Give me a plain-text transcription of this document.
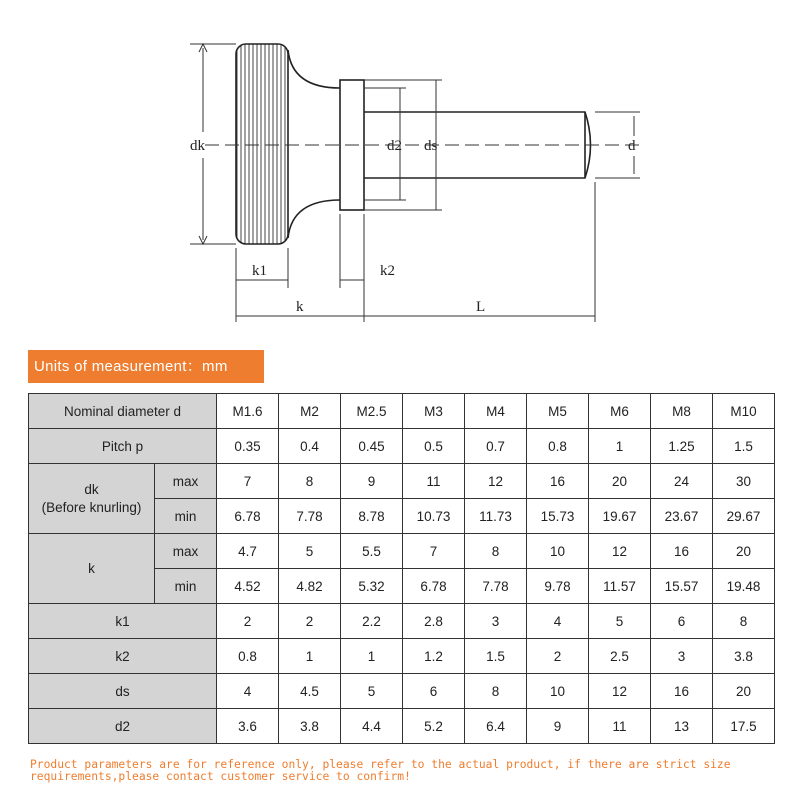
dk	d2 ds	d
k1	k2
k	L
Units of measurement：mm
Nominal diameter d		M1.6	M2	M2.5	M3	M4	M5	M6	M8	M10
Pitch p		0.35	0.4	0.45	0.5	0.7	0.8	1	1.25	1.5
dk
(Before knurling)	max	7	8	9	11	12	16	20	24	30
	min	6.78	7.78	8.78	10.73	11.73	15.73	19.67	23.67	29.67
k	max	4.7	5	5.5	7	8	10	12	16	20
	min	4.52	4.82	5.32	6.78	7.78	9.78	11.57	15.57	19.48
k1		2	2	2.2	2.8	3	4	5	6	8
k2		0.8	1	1	1.2	1.5	2	2.5	3	3.8
ds		4	4.5	5	6	8	10	12	16	20
d2		3.6	3.8	4.4	5.2	6.4	9	11	13	17.5
Product parameters are for reference only, please refer to the actual product, if there are strict size
requirements,please contact customer service to confirm!
